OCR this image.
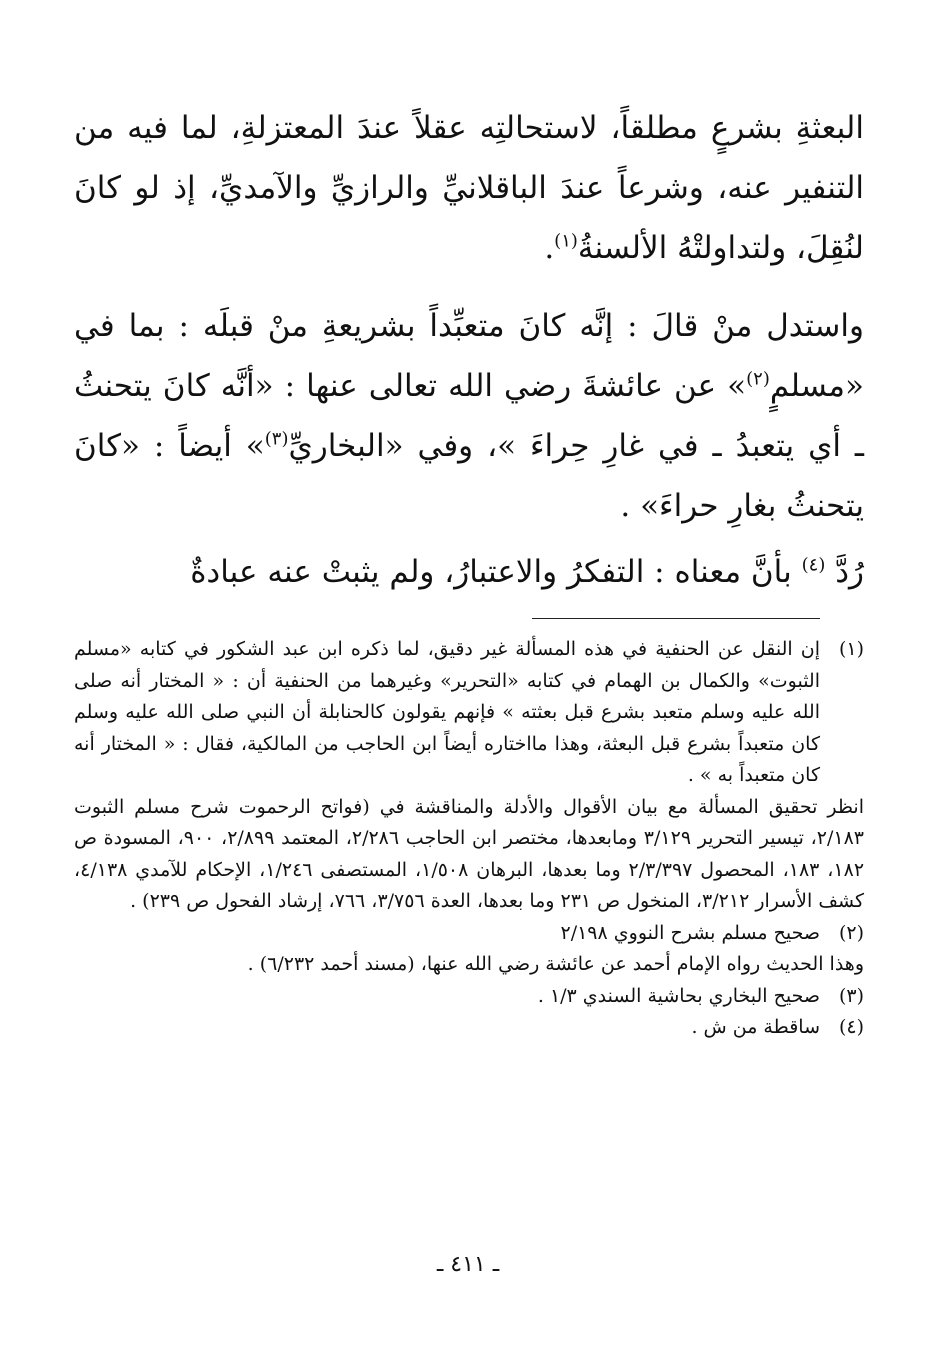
البعثةِ بشرعٍ مطلقاً، لاستحالتِه عقلاً عندَ المعتزلةِ، لما فيه من التنفير عنه، وشرعاً عندَ الباقلانيِّ والرازيِّ والآمديِّ، إذ لو كانَ لنُقِلَ، ولتداولتْهُ الألسنةُ$^{(١)}$.

واستدل منْ قالَ : إنَّه كانَ متعبِّداً بشريعةِ منْ قبلَه : بما في «مسلمٍ$^{(٢)}$» عن عائشةَ رضي الله تعالى عنها : «أنَّه كانَ يتحنثُ ـ أي يتعبدُ ـ في غارِ حِراءَ »، وفي «البخاريِّ$^{(٣)}$» أيضاً : «كانَ يتحنثُ بغارِ حراءَ» .

رُدَّ $^{(٤)}$ بأنَّ معناه : التفكرُ والاعتبارُ، ولم يثبتْ عنه عبادةٌ

(١)
إن النقل عن الحنفية في هذه المسألة غير دقيق، لما ذكره ابن عبد الشكور في كتابه «مسلم الثبوت» والكمال بن الهمام في كتابه «التحرير» وغيرهما من الحنفية أن : « المختار أنه صلى الله عليه وسلم متعبد بشرع قبل بعثته » فإنهم يقولون كالحنابلة أن النبي صلى الله عليه وسلم كان متعبداً بشرع قبل البعثة، وهذا مااختاره أيضاً ابن الحاجب من المالكية، فقال : « المختار أنه كان متعبداً به » .

انظر تحقيق المسألة مع بيان الأقوال والأدلة والمناقشة في (فواتح الرحموت شرح مسلم الثبوت ٢/١٨٣، تيسير التحرير ٣/١٢٩ ومابعدها، مختصر ابن الحاجب ٢/٢٨٦، المعتمد ٢/٨٩٩، ٩٠٠، المسودة ص ١٨٢، ١٨٣، المحصول ٢/٣/٣٩٧ وما بعدها، البرهان ١/٥٠٨، المستصفى ١/٢٤٦، الإحكام للآمدي ٤/١٣٨، كشف الأسرار ٣/٢١٢، المنخول ص ٢٣١ وما بعدها، العدة ٣/٧٥٦، ٧٦٦، إرشاد الفحول ص ٢٣٩) .

(٢)
صحيح مسلم بشرح النووي ٢/١٩٨

وهذا الحديث رواه الإمام أحمد عن عائشة رضي الله عنها، (مسند أحمد ٦/٢٣٢) .

(٣)
صحيح البخاري بحاشية السندي ١/٣ .
(٤)
ساقطة من ش .
ـ ٤١١ ـ
